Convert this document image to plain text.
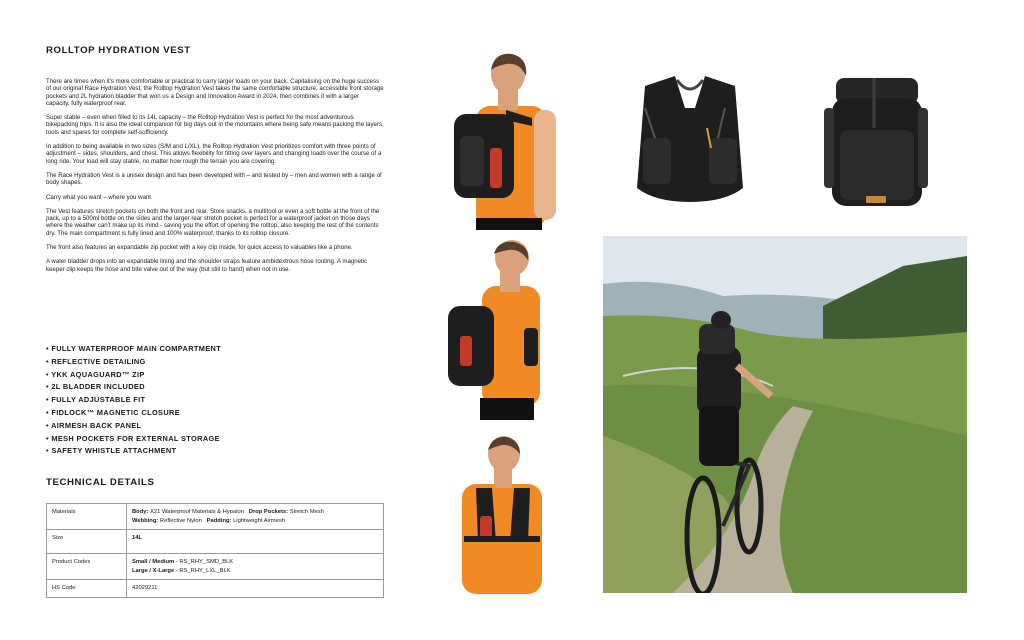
ROLLTOP HYDRATION VEST

There are times when it’s more comfortable or practical to carry larger loads on your back. Capitalising on the huge success of our original Race Hydration Vest, the Rolltop Hydration Vest takes the same comfortable structure, accessible front storage pockets and 2L hydration bladder that won us a Design and Innovation Award in 2024, then combines it with a larger capacity, fully waterproof rear.

Super stable – even when filled to its 14L capacity – the Rolltop Hydration Vest is perfect for the most adventurous bikepacking trips. It is also the ideal companion for big days out in the mountains where being safe means packing the layers, tools and spares for complete self-sufficiency.

In addition to being available in two sizes (S/M and L/XL), the Rolltop Hydration Vest prioritizes comfort with three points of adjustment – sides, shoulders, and chest. This allows flexibility for fitting over layers and changing loads over the course of a long ride. Your load will stay stable, no matter how rough the terrain you are covering.

The Race Hydration Vest is a unisex design and has been developed with – and tested by – men and women with a range of body shapes.

Carry what you want – where you want

The Vest features stretch pockets on both the front and rear. Store snacks, a multitool or even a soft bottle at the front of the pack, up to a 500ml bottle on the sides and the larger rear stretch pocket is perfect for a waterproof jacket on those days where the weather can’t make up its mind - saving you the effort of opening the rolltop, also keeping the rest of the contents dry. The main compartment is fully lined and 100% waterproof, thanks to its rolltop closure.

The front also features an expandable zip pocket with a key clip inside, for quick access to valuables like a phone.

A water bladder drops into an expandable lining and the shoulder straps feature ambidextrous hose routing. A magnetic keeper clip keeps the hose and bite valve out of the way (but still to hand) when not in use.

• FULLY WATERPROOF MAIN COMPARTMENT
• REFLECTIVE DETAILING
• YKK AQUAGUARD™ ZIP
• 2L BLADDER INCLUDED
• FULLY ADJUSTABLE FIT
• FIDLOCK™ MAGNETIC CLOSURE
• AIRMESH BACK PANEL
• MESH POCKETS FOR EXTERNAL STORAGE
• SAFETY WHISTLE ATTACHMENT
TECHNICAL DETAILS
Materials	Body: X21 Waterproof Materials & Hypalon Drop Pockets: Stretch Mesh
Webbing: Reflective Nylon Padding: Lightweight Airmesh
Size	14L
Product Codes	Small / Medium - RS_RHY_SMD_BLK
Large / X-Large - RS_RHY_LXL_BLK
HS Code	42029211
